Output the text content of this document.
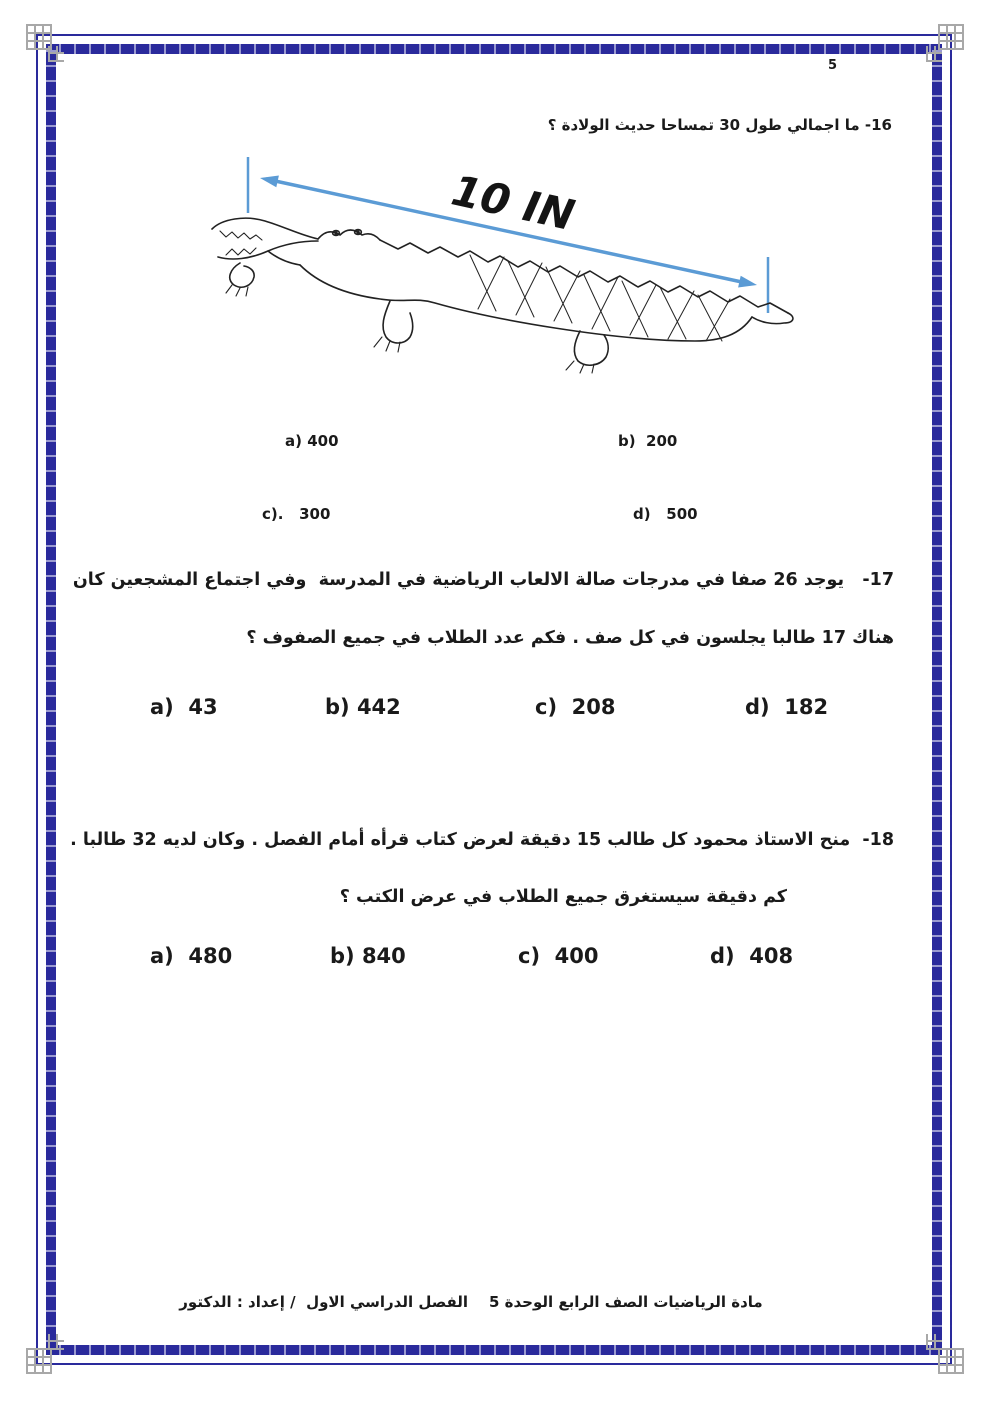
5
16- ما اجمالي طول 30 تمساحا حديث الولادة ؟
10 IN
a) 400	b)  200
c).   300	d)   500
17-   يوجد 26 صفا في مدرجات صالة الالعاب الرياضية في المدرسة  وفي اجتماع المشجعين كان
هناك 17 طالبا يجلسون في كل صف . فكم عدد الطلاب في جميع الصفوف ؟
a)  43	b) 442	c)  208	d)  182
18-  منح الاستاذ محمود كل طالب 15 دقيقة لعرض كتاب قرأه أمام الفصل . وكان لديه 32 طالبا .
كم دقيقة سيستغرق جميع الطلاب في عرض الكتب ؟
a)  480	b) 840	c)  400	d)  408
مادة الرياضيات الصف الرابع الوحدة 5    الفصل الدراسي الاول  / إعداد : الدكتور
